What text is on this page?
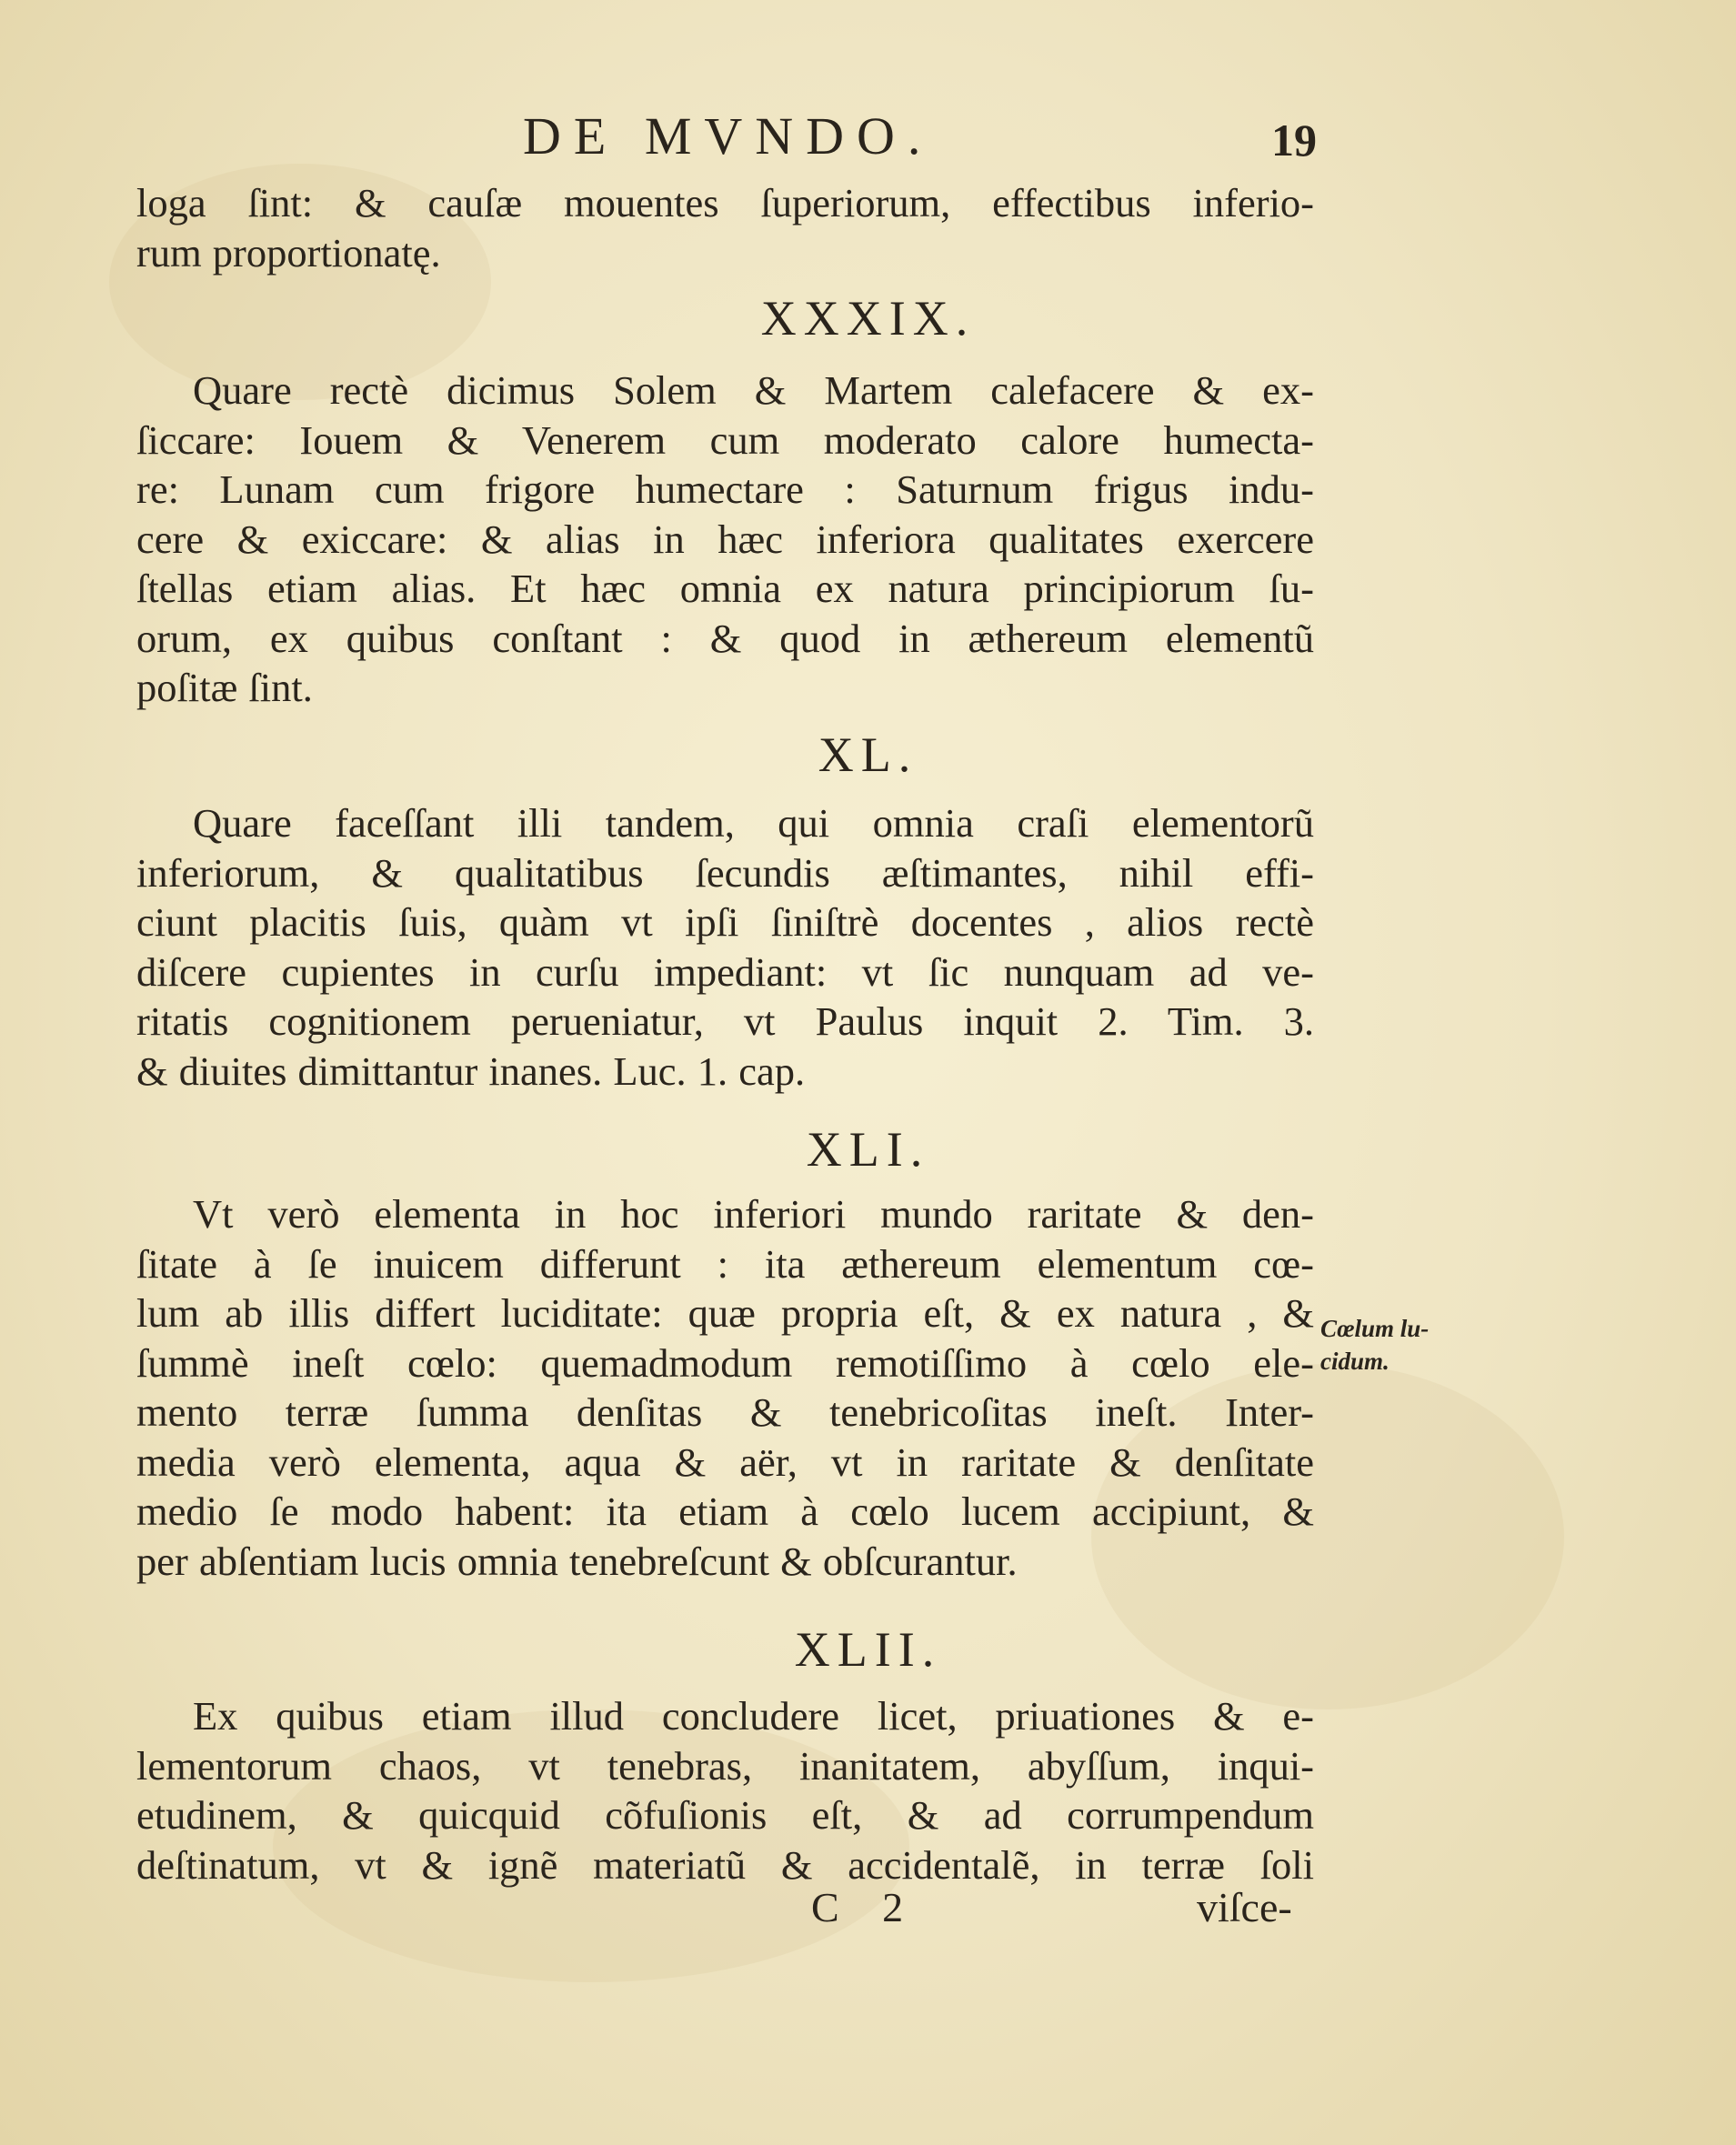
DE MVNDO.	19
loga ſint: & cauſæ mouentes ſuperiorum, effectibus inferio-
rum proportionatę.
XXXIX.
Quare rectè dicimus Solem & Martem calefacere & ex-
ſiccare: Iouem & Venerem cum moderato calore humecta-
re: Lunam cum frigore humectare : Saturnum frigus indu-
cere & exiccare: & alias in hæc inferiora qualitates exercere
ſtellas etiam alias. Et hæc omnia ex natura principiorum ſu-
orum, ex quibus conſtant : & quod in æthereum elementũ
poſitæ ſint.
XL.
Quare faceſſant illi tandem, qui omnia craſi elementorũ
inferiorum, & qualitatibus ſecundis æſtimantes, nihil effi-
ciunt placitis ſuis, quàm vt ipſi ſiniſtrè docentes , alios rectè
diſcere cupientes in curſu impediant: vt ſic nunquam ad ve-
ritatis cognitionem perueniatur, vt Paulus inquit 2. Tim. 3.
& diuites dimittantur inanes. Luc. 1. cap.
XLI.
Vt verò elementa in hoc inferiori mundo raritate & den-
ſitate à ſe inuicem differunt : ita æthereum elementum cœ-
lum ab illis differt luciditate: quæ propria eſt, & ex natura , &
ſummè ineſt cœlo: quemadmodum remotiſſimo à cœlo ele-
mento terræ ſumma denſitas & tenebricoſitas ineſt. Inter-
media verò elementa, aqua & aër, vt in raritate & denſitate
medio ſe modo habent: ita etiam à cœlo lucem accipiunt, &
per abſentiam lucis omnia tenebreſcunt & obſcurantur.
Cœlum lu-
cidum.
XLII.
Ex quibus etiam illud concludere licet, priuationes & e-
lementorum chaos, vt tenebras, inanitatem, abyſſum, inqui-
etudinem, & quicquid cõfuſionis eſt, & ad corrumpendum
deſtinatum, vt & ignẽ materiatũ & accidentalẽ, in terræ ſoli
C 2	viſce-
